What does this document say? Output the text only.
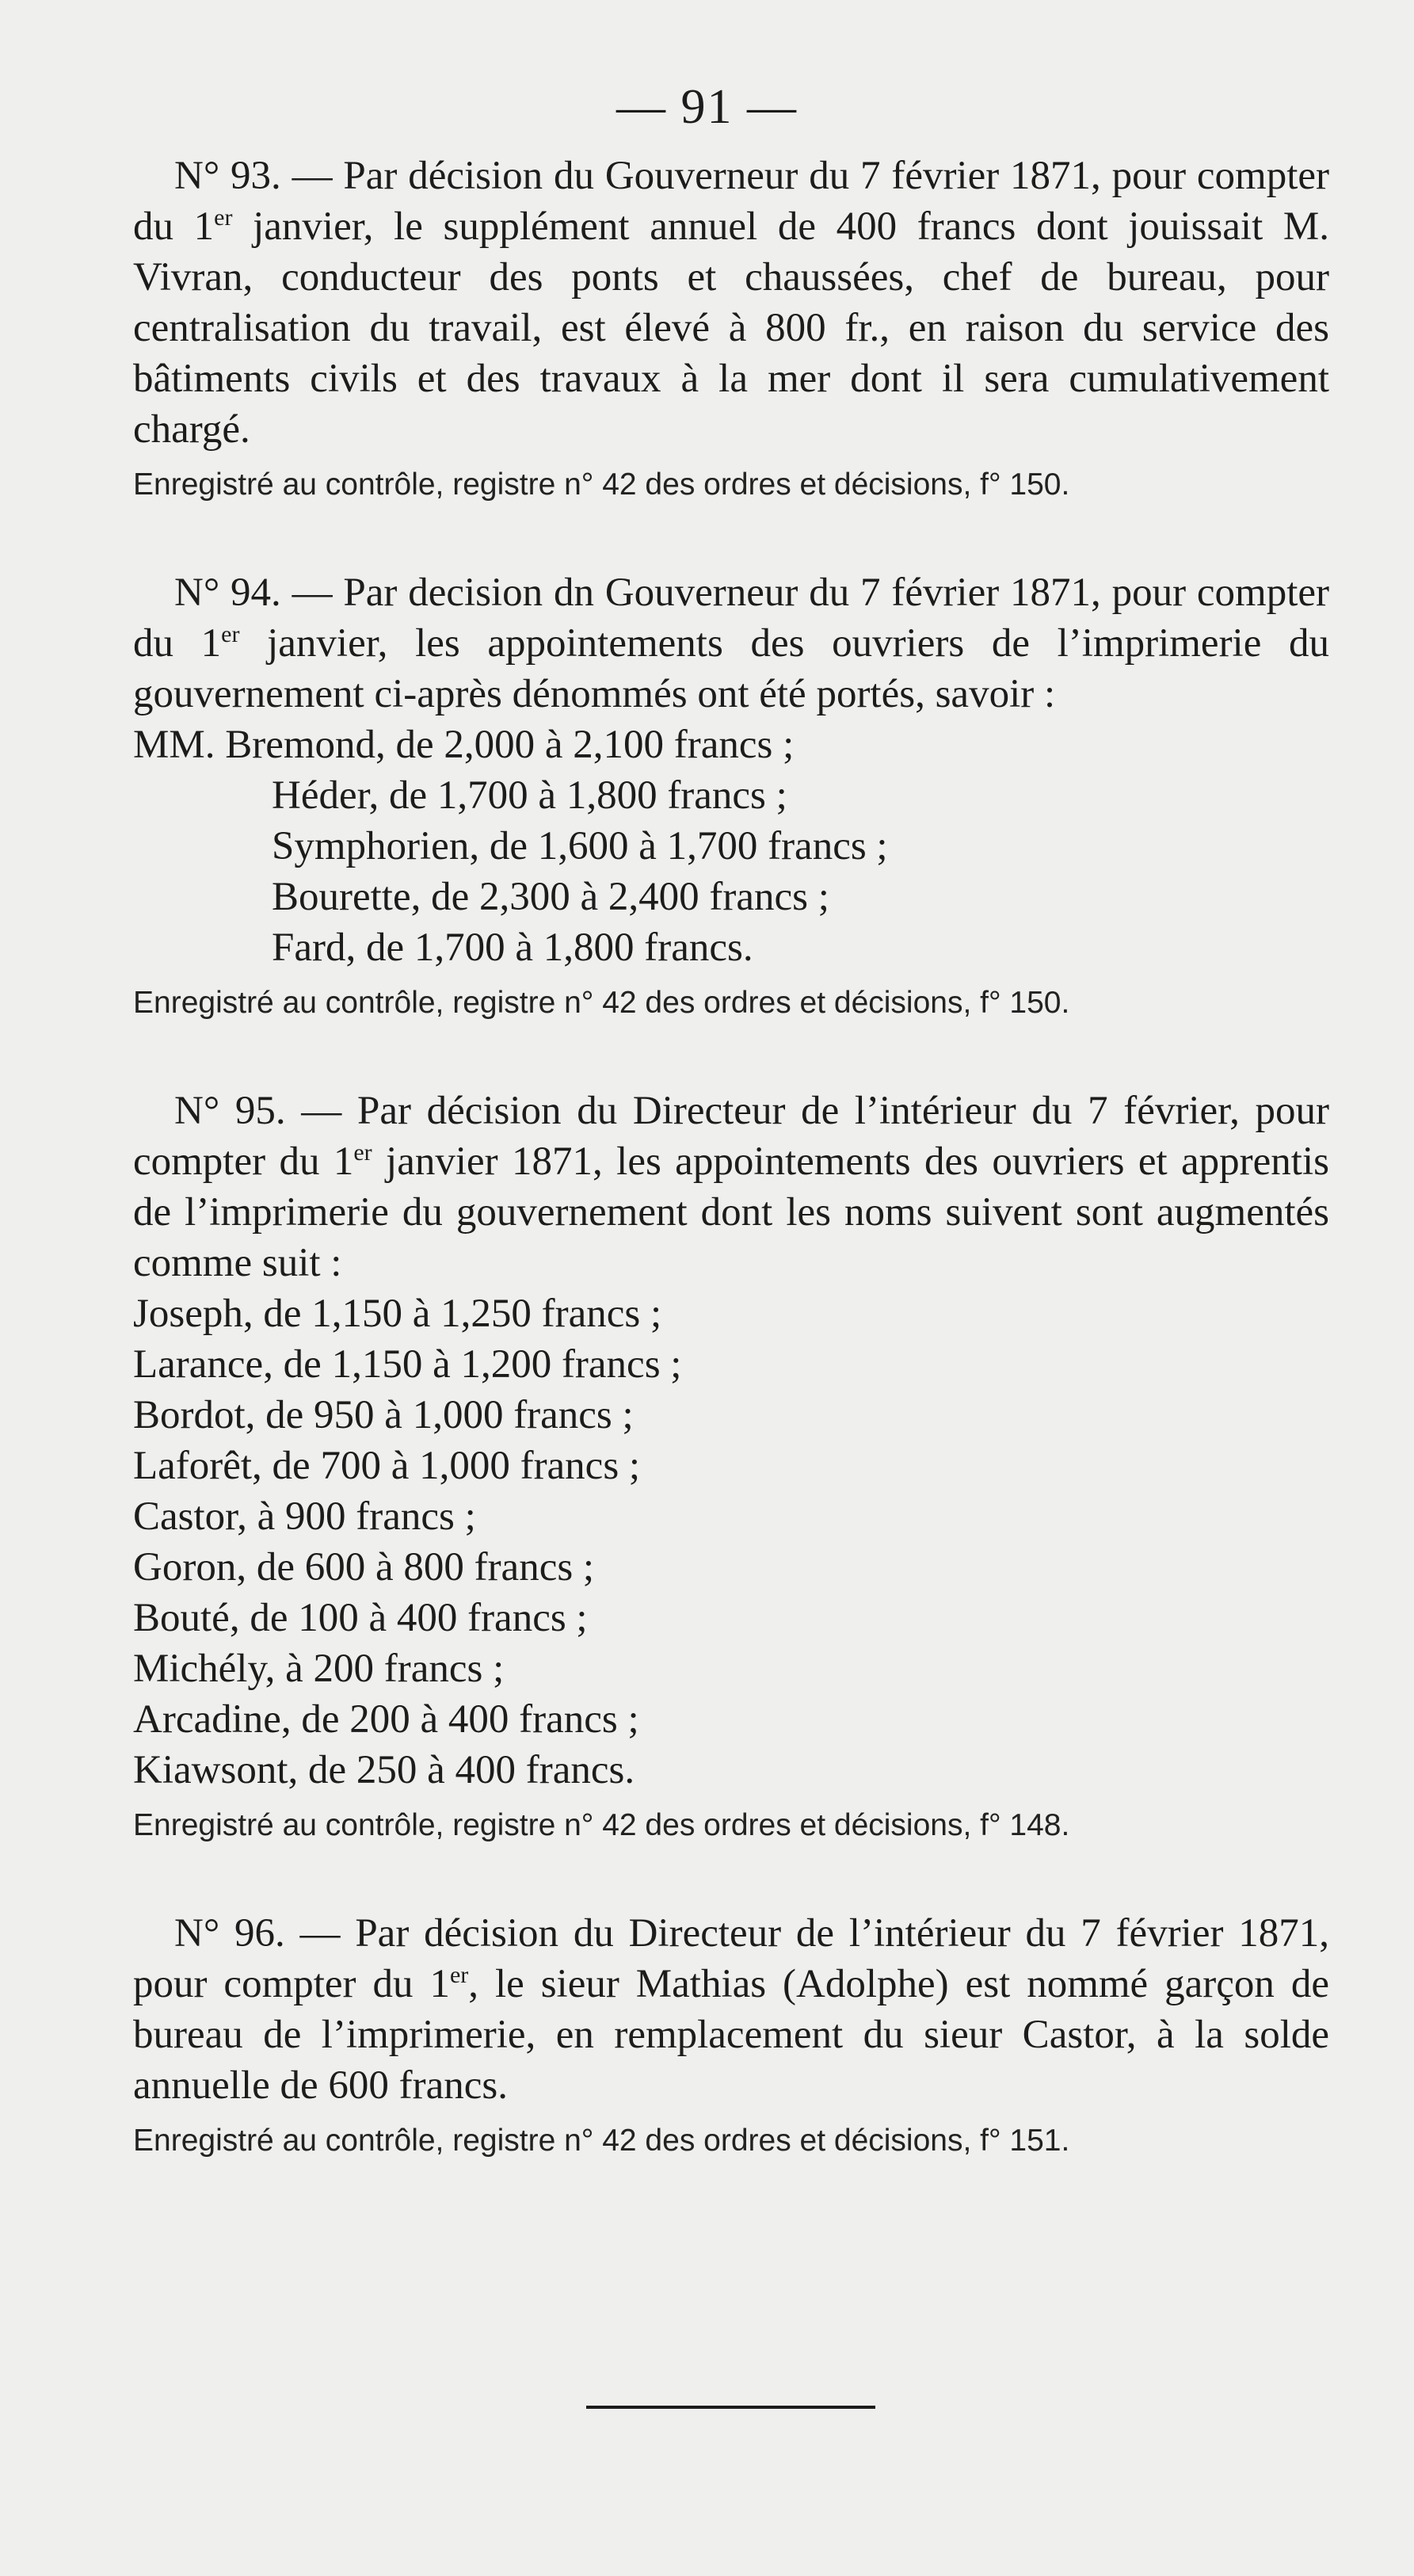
— 91 —

N° 93. — Par décision du Gouverneur du 7 février 1871, pour compter du 1er janvier, le supplément annuel de 400 francs dont jouissait M. Vivran, conducteur des ponts et chaussées, chef de bureau, pour centralisation du travail, est élevé à 800 fr., en raison du service des bâtiments civils et des travaux à la mer dont il sera cumulativement chargé.

Enregistré au contrôle, registre n° 42 des ordres et décisions, f° 150.

N° 94. — Par decision dn Gouverneur du 7 février 1871, pour compter du 1er janvier, les appointements des ouvriers de l’imprimerie du gouvernement ci-après dénommés ont été portés, savoir :

MM. Bremond, de 2,000 à 2,100 francs ;
Héder, de 1,700 à 1,800 francs ;
Symphorien, de 1,600 à 1,700 francs ;
Bourette, de 2,300 à 2,400 francs ;
Fard, de 1,700 à 1,800 francs.

Enregistré au contrôle, registre n° 42 des ordres et décisions, f° 150.

N° 95. — Par décision du Directeur de l’intérieur du 7 février, pour compter du 1er janvier 1871, les appointements des ouvriers et apprentis de l’imprimerie du gouvernement dont les noms suivent sont augmentés comme suit :

Joseph, de 1,150 à 1,250 francs ;
Larance, de 1,150 à 1,200 francs ;
Bordot, de 950 à 1,000 francs ;
Laforêt, de 700 à 1,000 francs ;
Castor, à 900 francs ;
Goron, de 600 à 800 francs ;
Bouté, de 100 à 400 francs ;
Michély, à 200 francs ;
Arcadine, de 200 à 400 francs ;
Kiawsont, de 250 à 400 francs.

Enregistré au contrôle, registre n° 42 des ordres et décisions, f° 148.

N° 96. — Par décision du Directeur de l’intérieur du 7 février 1871, pour compter du 1er, le sieur Mathias (Adolphe) est nommé garçon de bureau de l’imprimerie, en remplacement du sieur Castor, à la solde annuelle de 600 francs.

Enregistré au contrôle, registre n° 42 des ordres et décisions, f° 151.
